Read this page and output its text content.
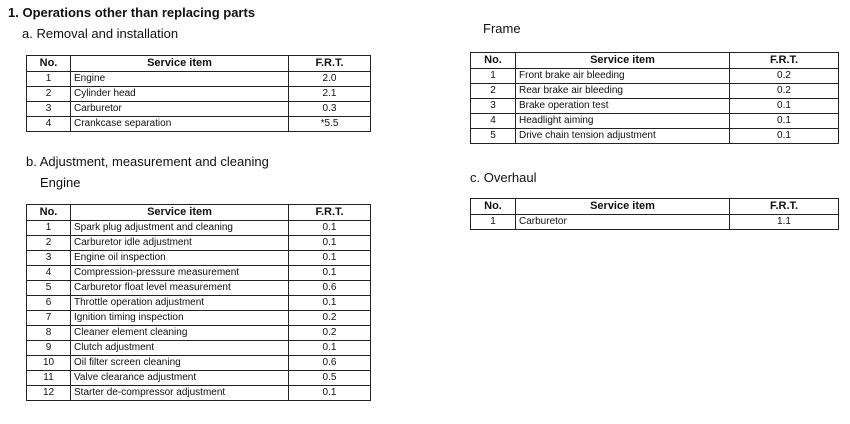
1. Operations other than replacing parts
a. Removal and installation
No.	Service item	F.R.T.
1	Engine	2.0
2	Cylinder head	2.1
3	Carburetor	0.3
4	Crankcase separation	*5.5
b. Adjustment, measurement and cleaning
Engine
No.	Service item	F.R.T.
1	Spark plug adjustment and cleaning	0.1
2	Carburetor idle adjustment	0.1
3	Engine oil inspection	0.1
4	Compression-pressure measurement	0.1
5	Carburetor float level measurement	0.6
6	Throttle operation adjustment	0.1
7	Ignition timing inspection	0.2
8	Cleaner element cleaning	0.2
9	Clutch adjustment	0.1
10	Oil filter screen cleaning	0.6
11	Valve clearance adjustment	0.5
12	Starter de-compressor adjustment	0.1
Frame
No.	Service item	F.R.T.
1	Front brake air bleeding	0.2
2	Rear brake air bleeding	0.2
3	Brake operation test	0.1
4	Headlight aiming	0.1
5	Drive chain tension adjustment	0.1
c. Overhaul
No.	Service item	F.R.T.
1	Carburetor	1.1
